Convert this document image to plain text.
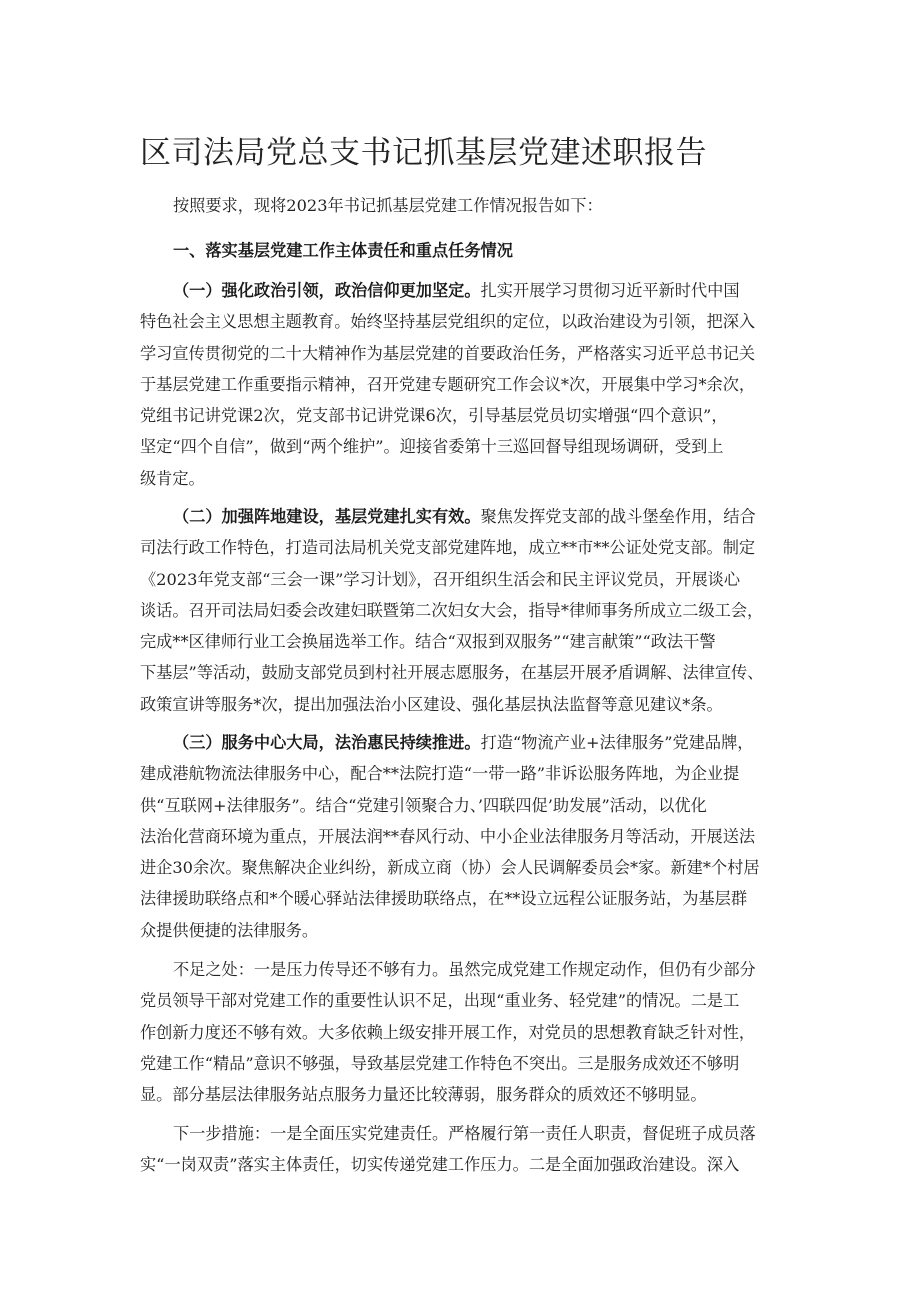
区司法局党总支书记抓基层党建述职报告
按照要求，现将2023年书记抓基层党建工作情况报告如下：
一、落实基层党建工作主体责任和重点任务情况
（一）强化政治引领，政治信仰更加坚定。扎实开展学习贯彻习近平新时代中国
特色社会主义思想主题教育。始终坚持基层党组织的定位，以政治建设为引领，把深入
学习宣传贯彻党的二十大精神作为基层党建的首要政治任务，严格落实习近平总书记关
于基层党建工作重要指示精神，召开党建专题研究工作会议*次，开展集中学习*余次，
党组书记讲党课2次，党支部书记讲党课6次，引导基层党员切实增强“四个意识”，
坚定“四个自信”，做到“两个维护”。迎接省委第十三巡回督导组现场调研，受到上
级肯定。
（二）加强阵地建设，基层党建扎实有效。聚焦发挥党支部的战斗堡垒作用，结合
司法行政工作特色，打造司法局机关党支部党建阵地，成立**市**公证处党支部。制定
《2023年党支部“三会一课”学习计划》，召开组织生活会和民主评议党员，开展谈心
谈话。召开司法局妇委会改建妇联暨第二次妇女大会，指导*律师事务所成立二级工会，
完成**区律师行业工会换届选举工作。结合“双报到双服务”“建言献策”“政法干警
下基层”等活动，鼓励支部党员到村社开展志愿服务，在基层开展矛盾调解、法律宣传、
政策宣讲等服务*次，提出加强法治小区建设、强化基层执法监督等意见建议*条。
（三）服务中心大局，法治惠民持续推进。打造“物流产业+法律服务”党建品牌，
建成港航物流法律服务中心，配合**法院打造“一带一路”非诉讼服务阵地，为企业提
供“互联网+法律服务”。结合“党建引领聚合力、’四联四促’助发展”活动，以优化
法治化营商环境为重点，开展法润**春风行动、中小企业法律服务月等活动，开展送法
进企30余次。聚焦解决企业纠纷，新成立商（协）会人民调解委员会*家。新建*个村居
法律援助联络点和*个暖心驿站法律援助联络点，在**设立远程公证服务站，为基层群
众提供便捷的法律服务。
不足之处：一是压力传导还不够有力。虽然完成党建工作规定动作，但仍有少部分
党员领导干部对党建工作的重要性认识不足，出现“重业务、轻党建”的情况。二是工
作创新力度还不够有效。大多依赖上级安排开展工作，对党员的思想教育缺乏针对性，
党建工作“精品”意识不够强，导致基层党建工作特色不突出。三是服务成效还不够明
显。部分基层法律服务站点服务力量还比较薄弱，服务群众的质效还不够明显。
下一步措施：一是全面压实党建责任。严格履行第一责任人职责，督促班子成员落
实“一岗双责”落实主体责任，切实传递党建工作压力。二是全面加强政治建设。深入
